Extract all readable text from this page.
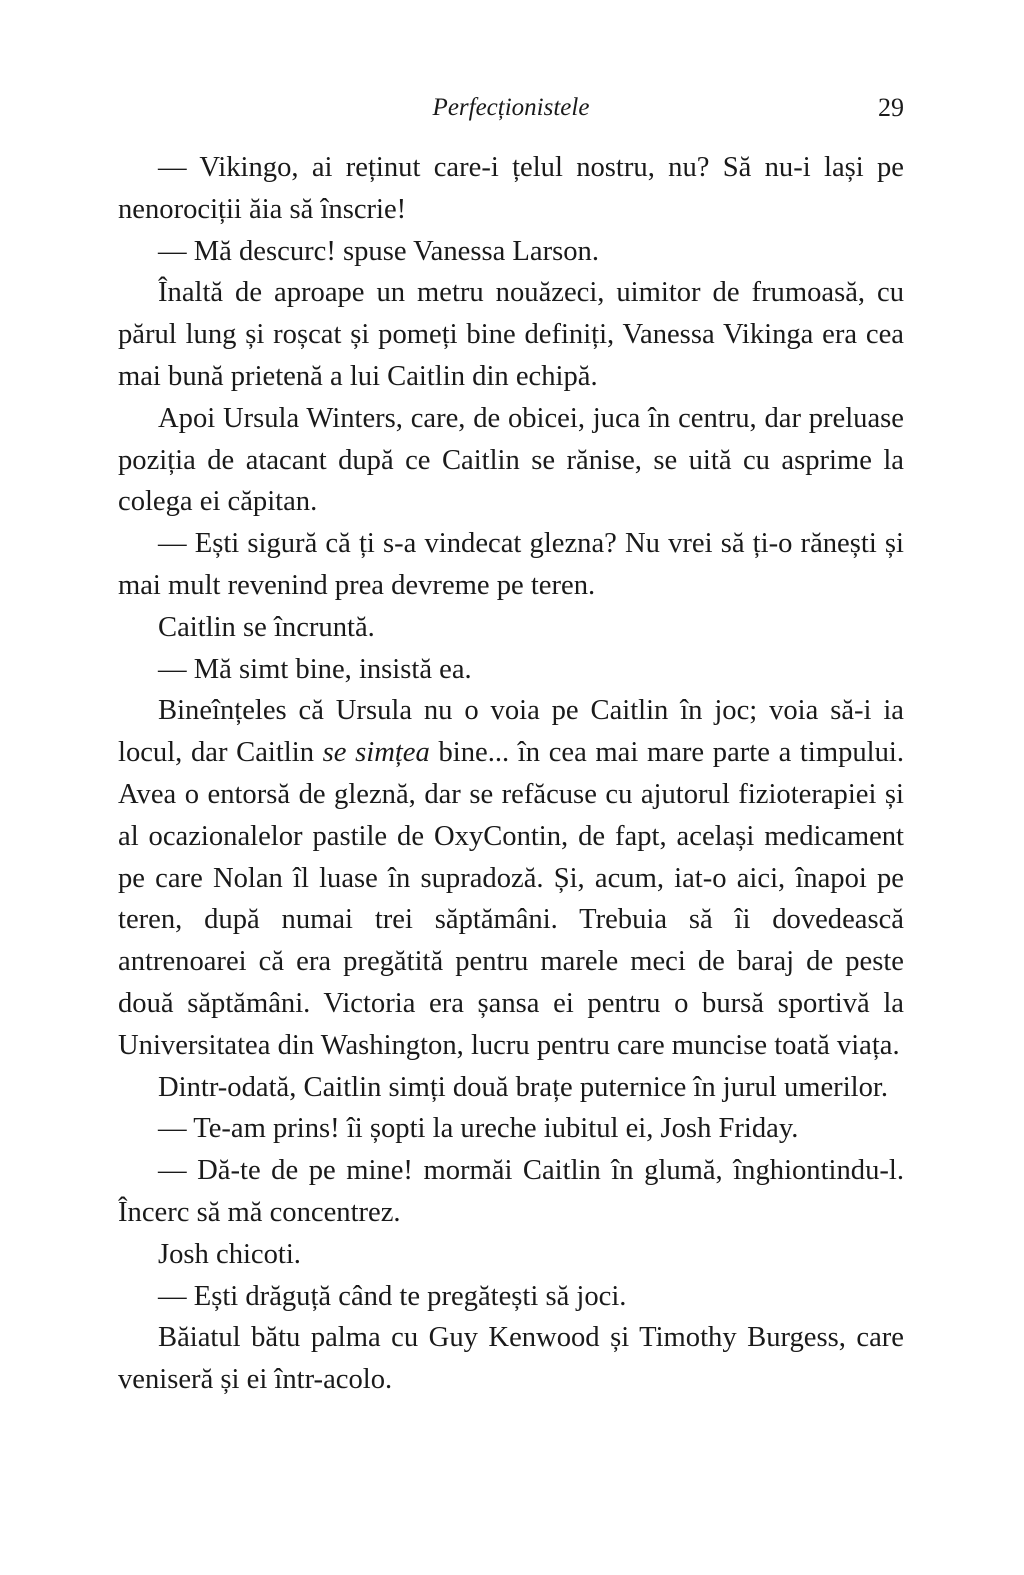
Perfecționistele	29

— Vikingo, ai reținut care-i țelul nostru, nu? Să nu-i lași pe nenorociții ăia să înscrie!

— Mă descurc! spuse Vanessa Larson.

Înaltă de aproape un metru nouăzeci, uimitor de frumoasă, cu părul lung și roșcat și pomeți bine definiți, Vanessa Vikinga era cea mai bună prietenă a lui Caitlin din echipă.

Apoi Ursula Winters, care, de obicei, juca în centru, dar preluase poziția de atacant după ce Caitlin se rănise, se uită cu asprime la colega ei căpitan.

— Ești sigură că ți s-a vindecat glezna? Nu vrei să ți-o rănești și mai mult revenind prea devreme pe teren.

Caitlin se încruntă.

— Mă simt bine, insistă ea.

Bineînțeles că Ursula nu o voia pe Caitlin în joc; voia să-i ia locul, dar Caitlin se simțea bine... în cea mai mare parte a timpului. Avea o entorsă de gleznă, dar se refăcuse cu ajutorul fizioterapiei și al ocazionalelor pastile de OxyContin, de fapt, același medicament pe care Nolan îl luase în supradoză. Și, acum, iat-o aici, înapoi pe teren, după numai trei săptămâni. Trebuia să îi dovedească antrenoarei că era pregătită pentru marele meci de baraj de peste două săptămâni. Victoria era șansa ei pentru o bursă sportivă la Universitatea din Washington, lucru pentru care muncise toată viața.

Dintr-odată, Caitlin simți două brațe puternice în jurul umerilor.

— Te-am prins! îi șopti la ureche iubitul ei, Josh Friday.

— Dă-te de pe mine! mormăi Caitlin în glumă, înghiontindu-l. Încerc să mă concentrez.

Josh chicoti.

— Ești drăguță când te pregătești să joci.

Băiatul bătu palma cu Guy Kenwood și Timothy Burgess, care veniseră și ei într-acolo.
